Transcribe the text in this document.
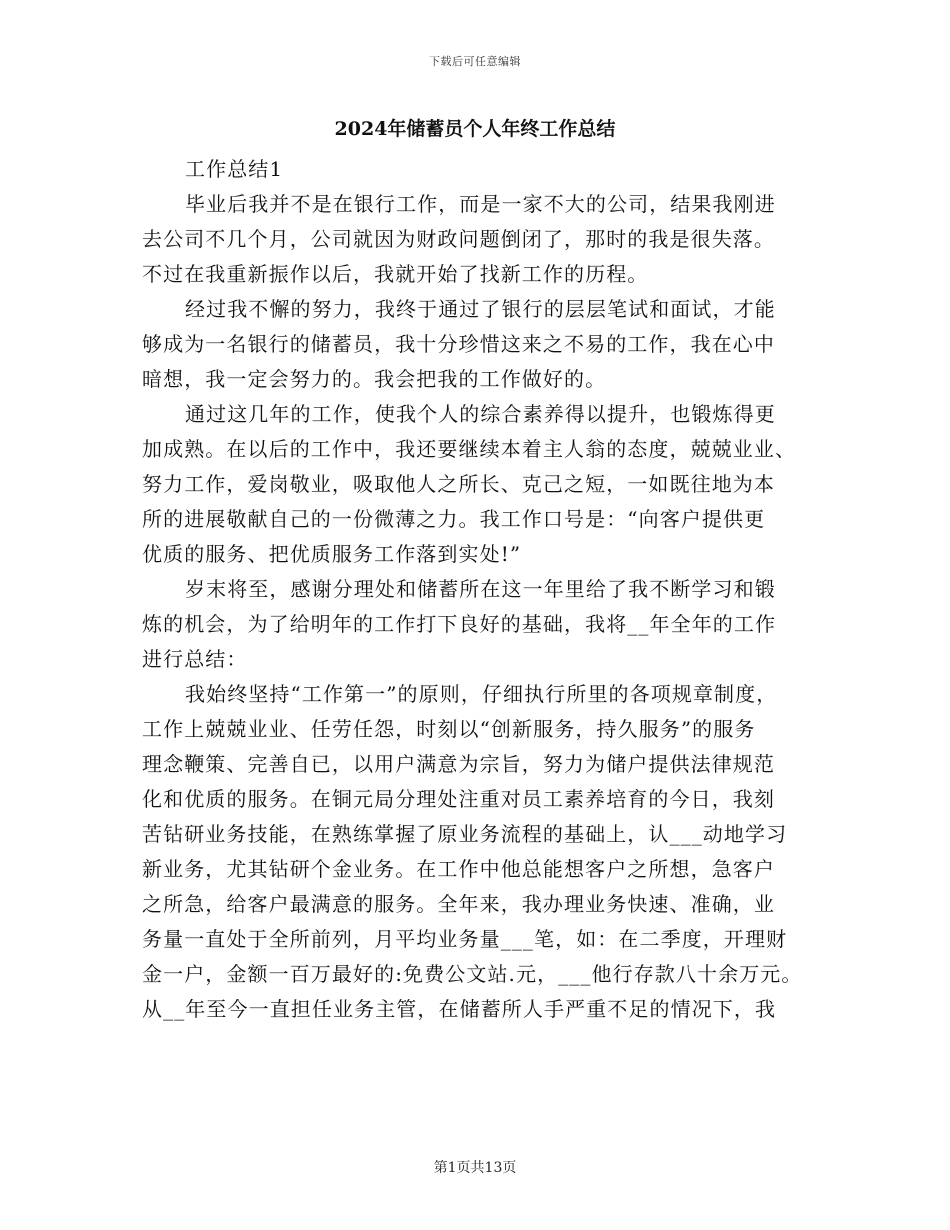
下载后可任意编辑
2024年储蓄员个人年终工作总结
工作总结1
毕业后我并不是在银行工作，而是一家不大的公司，结果我刚进
去公司不几个月，公司就因为财政问题倒闭了，那时的我是很失落。
不过在我重新振作以后，我就开始了找新工作的历程。
经过我不懈的努力，我终于通过了银行的层层笔试和面试，才能
够成为一名银行的储蓄员，我十分珍惜这来之不易的工作，我在心中
暗想，我一定会努力的。我会把我的工作做好的。
通过这几年的工作，使我个人的综合素养得以提升，也锻炼得更
加成熟。在以后的工作中，我还要继续本着主人翁的态度，兢兢业业、
努力工作，爱岗敬业，吸取他人之所长、克己之短，一如既往地为本
所的进展敬献自己的一份微薄之力。我工作口号是：“向客户提供更
优质的服务、把优质服务工作落到实处!”
岁末将至，感谢分理处和储蓄所在这一年里给了我不断学习和锻
炼的机会，为了给明年的工作打下良好的基础，我将__年全年的工作
进行总结：
我始终坚持“工作第一”的原则，仔细执行所里的各项规章制度，
工作上兢兢业业、任劳任怨，时刻以“创新服务，持久服务”的服务
理念鞭策、完善自已，以用户满意为宗旨，努力为储户提供法律规范
化和优质的服务。在铜元局分理处注重对员工素养培育的今日，我刻
苦钻研业务技能，在熟练掌握了原业务流程的基础上，认___动地学习
新业务，尤其钻研个金业务。在工作中他总能想客户之所想，急客户
之所急，给客户最满意的服务。全年来，我办理业务快速、准确，业
务量一直处于全所前列，月平均业务量___笔，如：在二季度，开理财
金一户，金额一百万最好的:免费公文站.元，___他行存款八十余万元。
从__年至今一直担任业务主管，在储蓄所人手严重不足的情况下，我
第1页共13页
